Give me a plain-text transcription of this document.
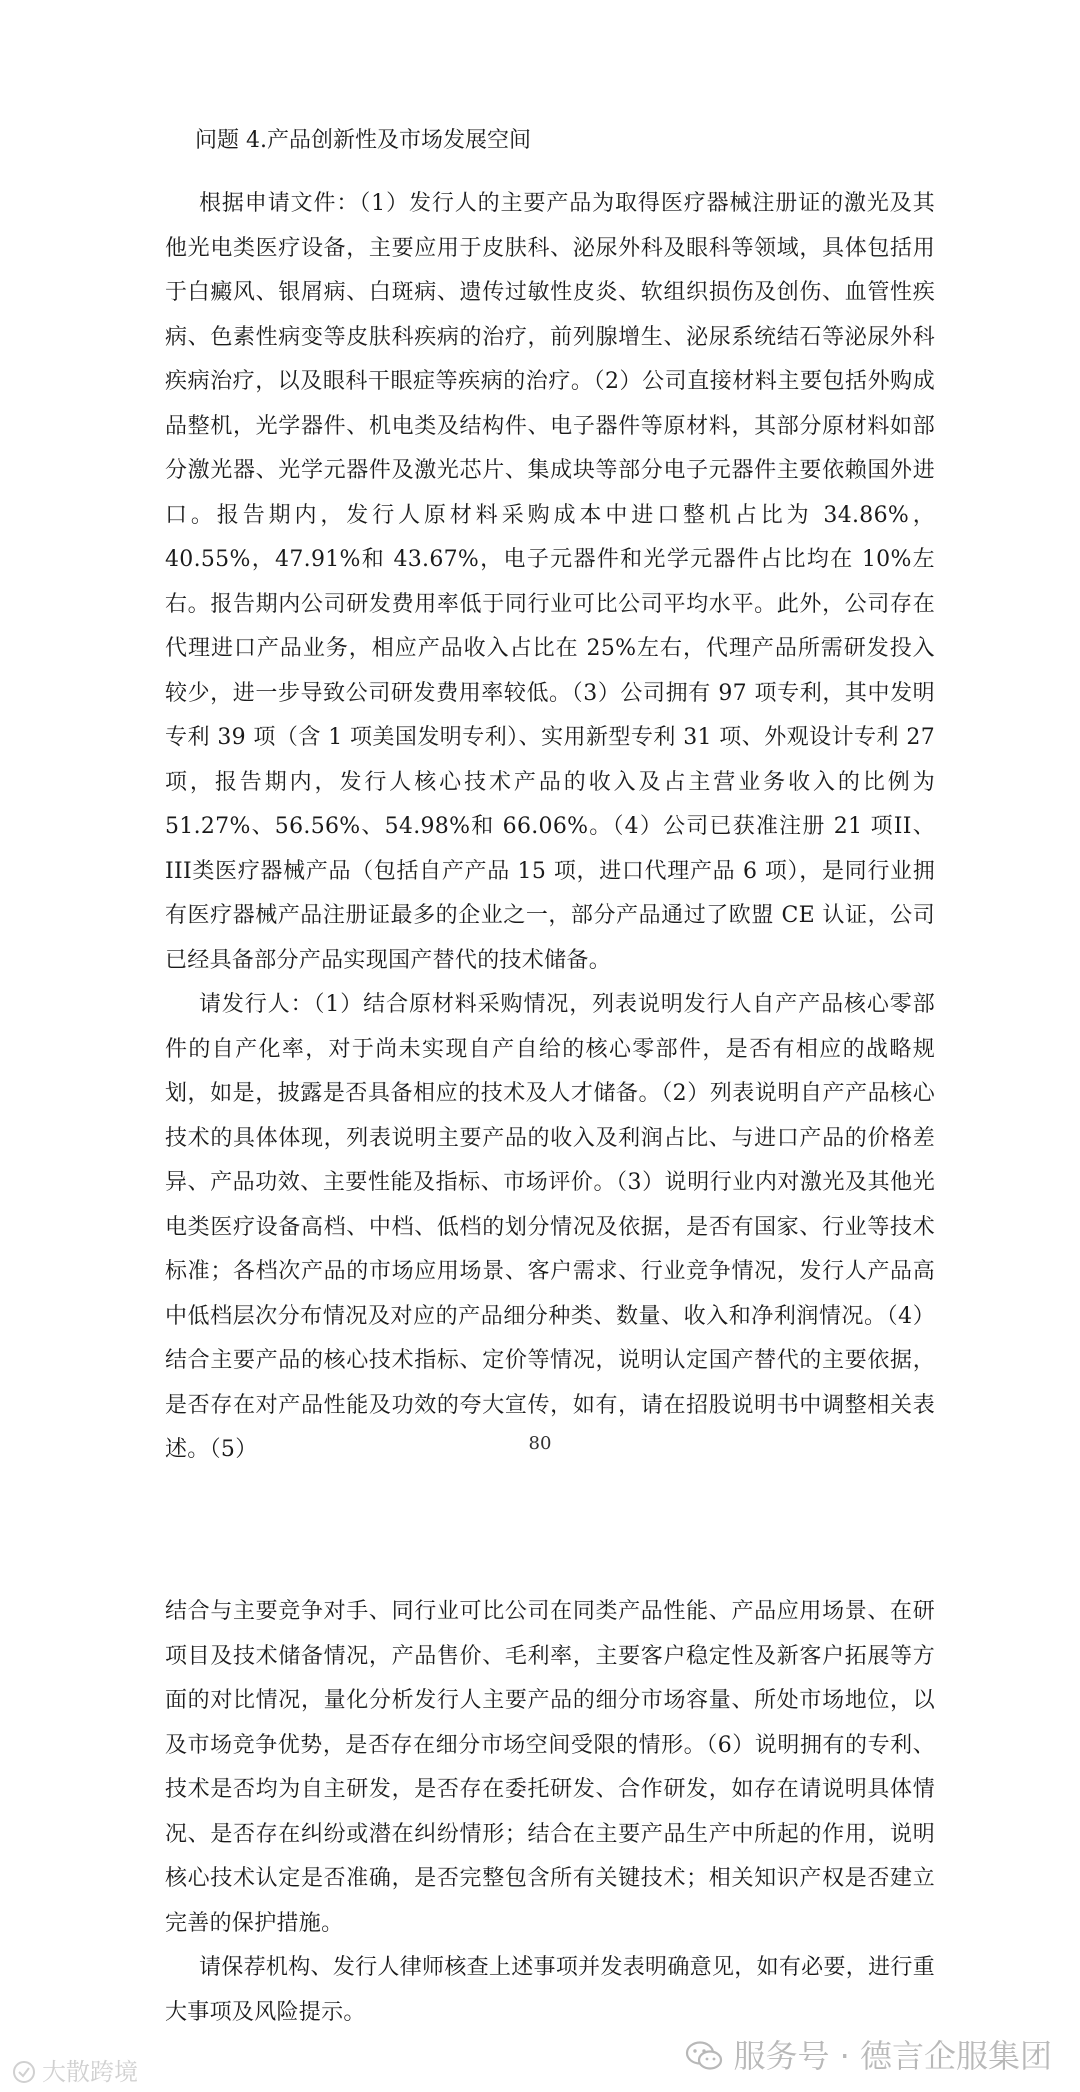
问题 4.产品创新性及市场发展空间

根据申请文件：（1）发行人的主要产品为取得医疗器械注册证的激光及其他光电类医疗设备，主要应用于皮肤科、泌尿外科及眼科等领域，具体包括用于白癜风、银屑病、白斑病、遗传过敏性皮炎、软组织损伤及创伤、血管性疾病、色素性病变等皮肤科疾病的治疗，前列腺增生、泌尿系统结石等泌尿外科疾病治疗，以及眼科干眼症等疾病的治疗。（2）公司直接材料主要包括外购成品整机，光学器件、机电类及结构件、电子器件等原材料，其部分原材料如部分激光器、光学元器件及激光芯片、集成块等部分电子元器件主要依赖国外进口。报告期内，发行人原材料采购成本中进口整机占比为 34.86%，40.55%，47.91%和 43.67%，电子元器件和光学元器件占比均在 10%左右。报告期内公司研发费用率低于同行业可比公司平均水平。此外，公司存在代理进口产品业务，相应产品收入占比在 25%左右，代理产品所需研发投入较少，进一步导致公司研发费用率较低。（3）公司拥有 97 项专利，其中发明专利 39 项（含 1 项美国发明专利）、实用新型专利 31 项、外观设计专利 27 项，报告期内，发行人核心技术产品的收入及占主营业务收入的比例为 51.27%、56.56%、54.98%和 66.06%。（4）公司已获准注册 21 项II、III类医疗器械产品（包括自产产品 15 项，进口代理产品 6 项），是同行业拥有医疗器械产品注册证最多的企业之一，部分产品通过了欧盟 CE 认证，公司已经具备部分产品实现国产替代的技术储备。

请发行人：（1）结合原材料采购情况，列表说明发行人自产产品核心零部件的自产化率，对于尚未实现自产自给的核心零部件，是否有相应的战略规划，如是，披露是否具备相应的技术及人才储备。（2）列表说明自产产品核心技术的具体体现，列表说明主要产品的收入及利润占比、与进口产品的价格差异、产品功效、主要性能及指标、市场评价。（3）说明行业内对激光及其他光电类医疗设备高档、中档、低档的划分情况及依据，是否有国家、行业等技术标准；各档次产品的市场应用场景、客户需求、行业竞争情况，发行人产品高中低档层次分布情况及对应的产品细分种类、数量、收入和净利润情况。（4）结合主要产品的核心技术指标、定价等情况，说明认定国产替代的主要依据，是否存在对产品性能及功效的夸大宣传，如有，请在招股说明书中调整相关表述。（5）	80

结合与主要竞争对手、同行业可比公司在同类产品性能、产品应用场景、在研项目及技术储备情况，产品售价、毛利率，主要客户稳定性及新客户拓展等方面的对比情况，量化分析发行人主要产品的细分市场容量、所处市场地位，以及市场竞争优势，是否存在细分市场空间受限的情形。（6）说明拥有的专利、技术是否均为自主研发，是否存在委托研发、合作研发，如存在请说明具体情况、是否存在纠纷或潜在纠纷情形；结合在主要产品生产中所起的作用，说明核心技术认定是否准确，是否完整包含所有关键技术；相关知识产权是否建立完善的保护措施。

请保荐机构、发行人律师核查上述事项并发表明确意见，如有必要，进行重大事项及风险提示。

大散跨境	服务号 · 德言企服集团
